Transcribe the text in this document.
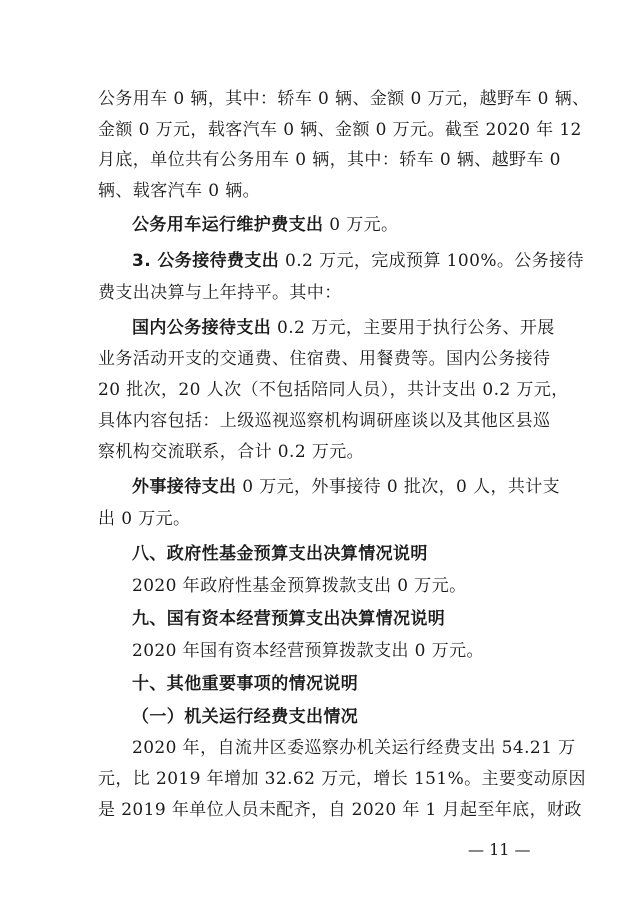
公务用车 0 辆，其中：轿车 0 辆、金额 0 万元，越野车 0 辆、
金额 0 万元，载客汽车 0 辆、金额 0 万元。截至 2020 年 12
月底，单位共有公务用车 0 辆，其中：轿车 0 辆、越野车 0
辆、载客汽车 0 辆。
公务用车运行维护费支出 0 万元。
3. 公务接待费支出 0.2 万元，完成预算 100%。公务接待
费支出决算与上年持平。其中：
国内公务接待支出 0.2 万元，主要用于执行公务、开展
业务活动开支的交通费、住宿费、用餐费等。国内公务接待
20 批次，20 人次（不包括陪同人员），共计支出 0.2 万元，
具体内容包括：上级巡视巡察机构调研座谈以及其他区县巡
察机构交流联系，合计 0.2 万元。
外事接待支出 0 万元，外事接待 0 批次，0 人，共计支
出 0 万元。
八、政府性基金预算支出决算情况说明
2020 年政府性基金预算拨款支出 0 万元。
九、国有资本经营预算支出决算情况说明
2020 年国有资本经营预算拨款支出 0 万元。
十、其他重要事项的情况说明
（一）机关运行经费支出情况
2020 年，自流井区委巡察办机关运行经费支出 54.21 万
元，比 2019 年增加 32.62 万元，增长 151%。主要变动原因
是 2019 年单位人员未配齐，自 2020 年 1 月起至年底，财政
— 11 —
